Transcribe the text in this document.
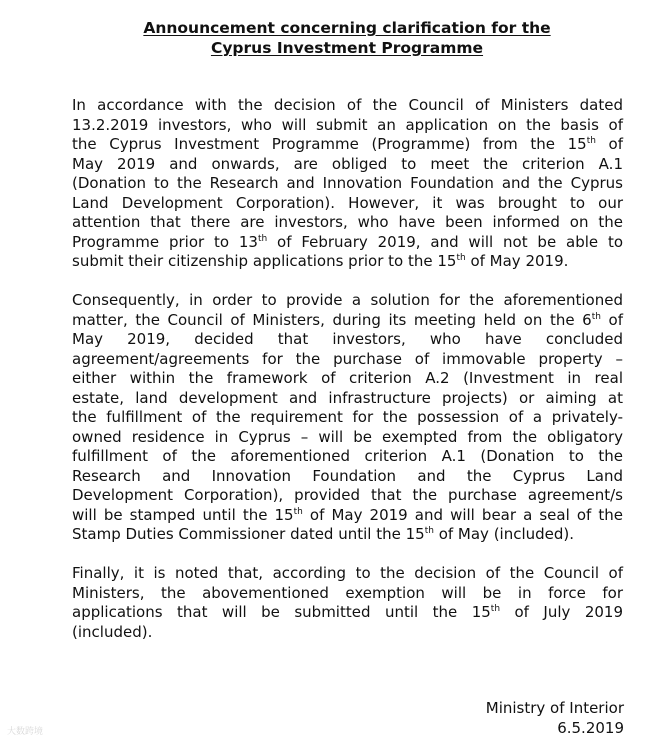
Announcement concerning clarification for the
Cyprus Investment Programme
In accordance with the decision of the Council of Ministers dated
13.2.2019 investors, who will submit an application on the basis of
the Cyprus Investment Programme (Programme) from the 15th of
May 2019 and onwards, are obliged to meet the criterion A.1
(Donation to the Research and Innovation Foundation and the Cyprus
Land Development Corporation). However, it was brought to our
attention that there are investors, who have been informed on the
Programme prior to 13th of February 2019, and will not be able to
submit their citizenship applications prior to the 15th of May 2019.
Consequently, in order to provide a solution for the aforementioned
matter, the Council of Ministers, during its meeting held on the 6th of
May 2019, decided that investors, who have concluded
agreement/agreements for the purchase of immovable property –
either within the framework of criterion A.2 (Investment in real
estate, land development and infrastructure projects) or aiming at
the fulfillment of the requirement for the possession of a privately-
owned residence in Cyprus – will be exempted from the obligatory
fulfillment of the aforementioned criterion A.1 (Donation to the
Research and Innovation Foundation and the Cyprus Land
Development Corporation), provided that the purchase agreement/s
will be stamped until the 15th of May 2019 and will bear a seal of the
Stamp Duties Commissioner dated until the 15th of May (included).
Finally, it is noted that, according to the decision of the Council of
Ministers, the abovementioned exemption will be in force for
applications that will be submitted until the 15th of July 2019
(included).
Ministry of Interior
6.5.2019
大数跨境
